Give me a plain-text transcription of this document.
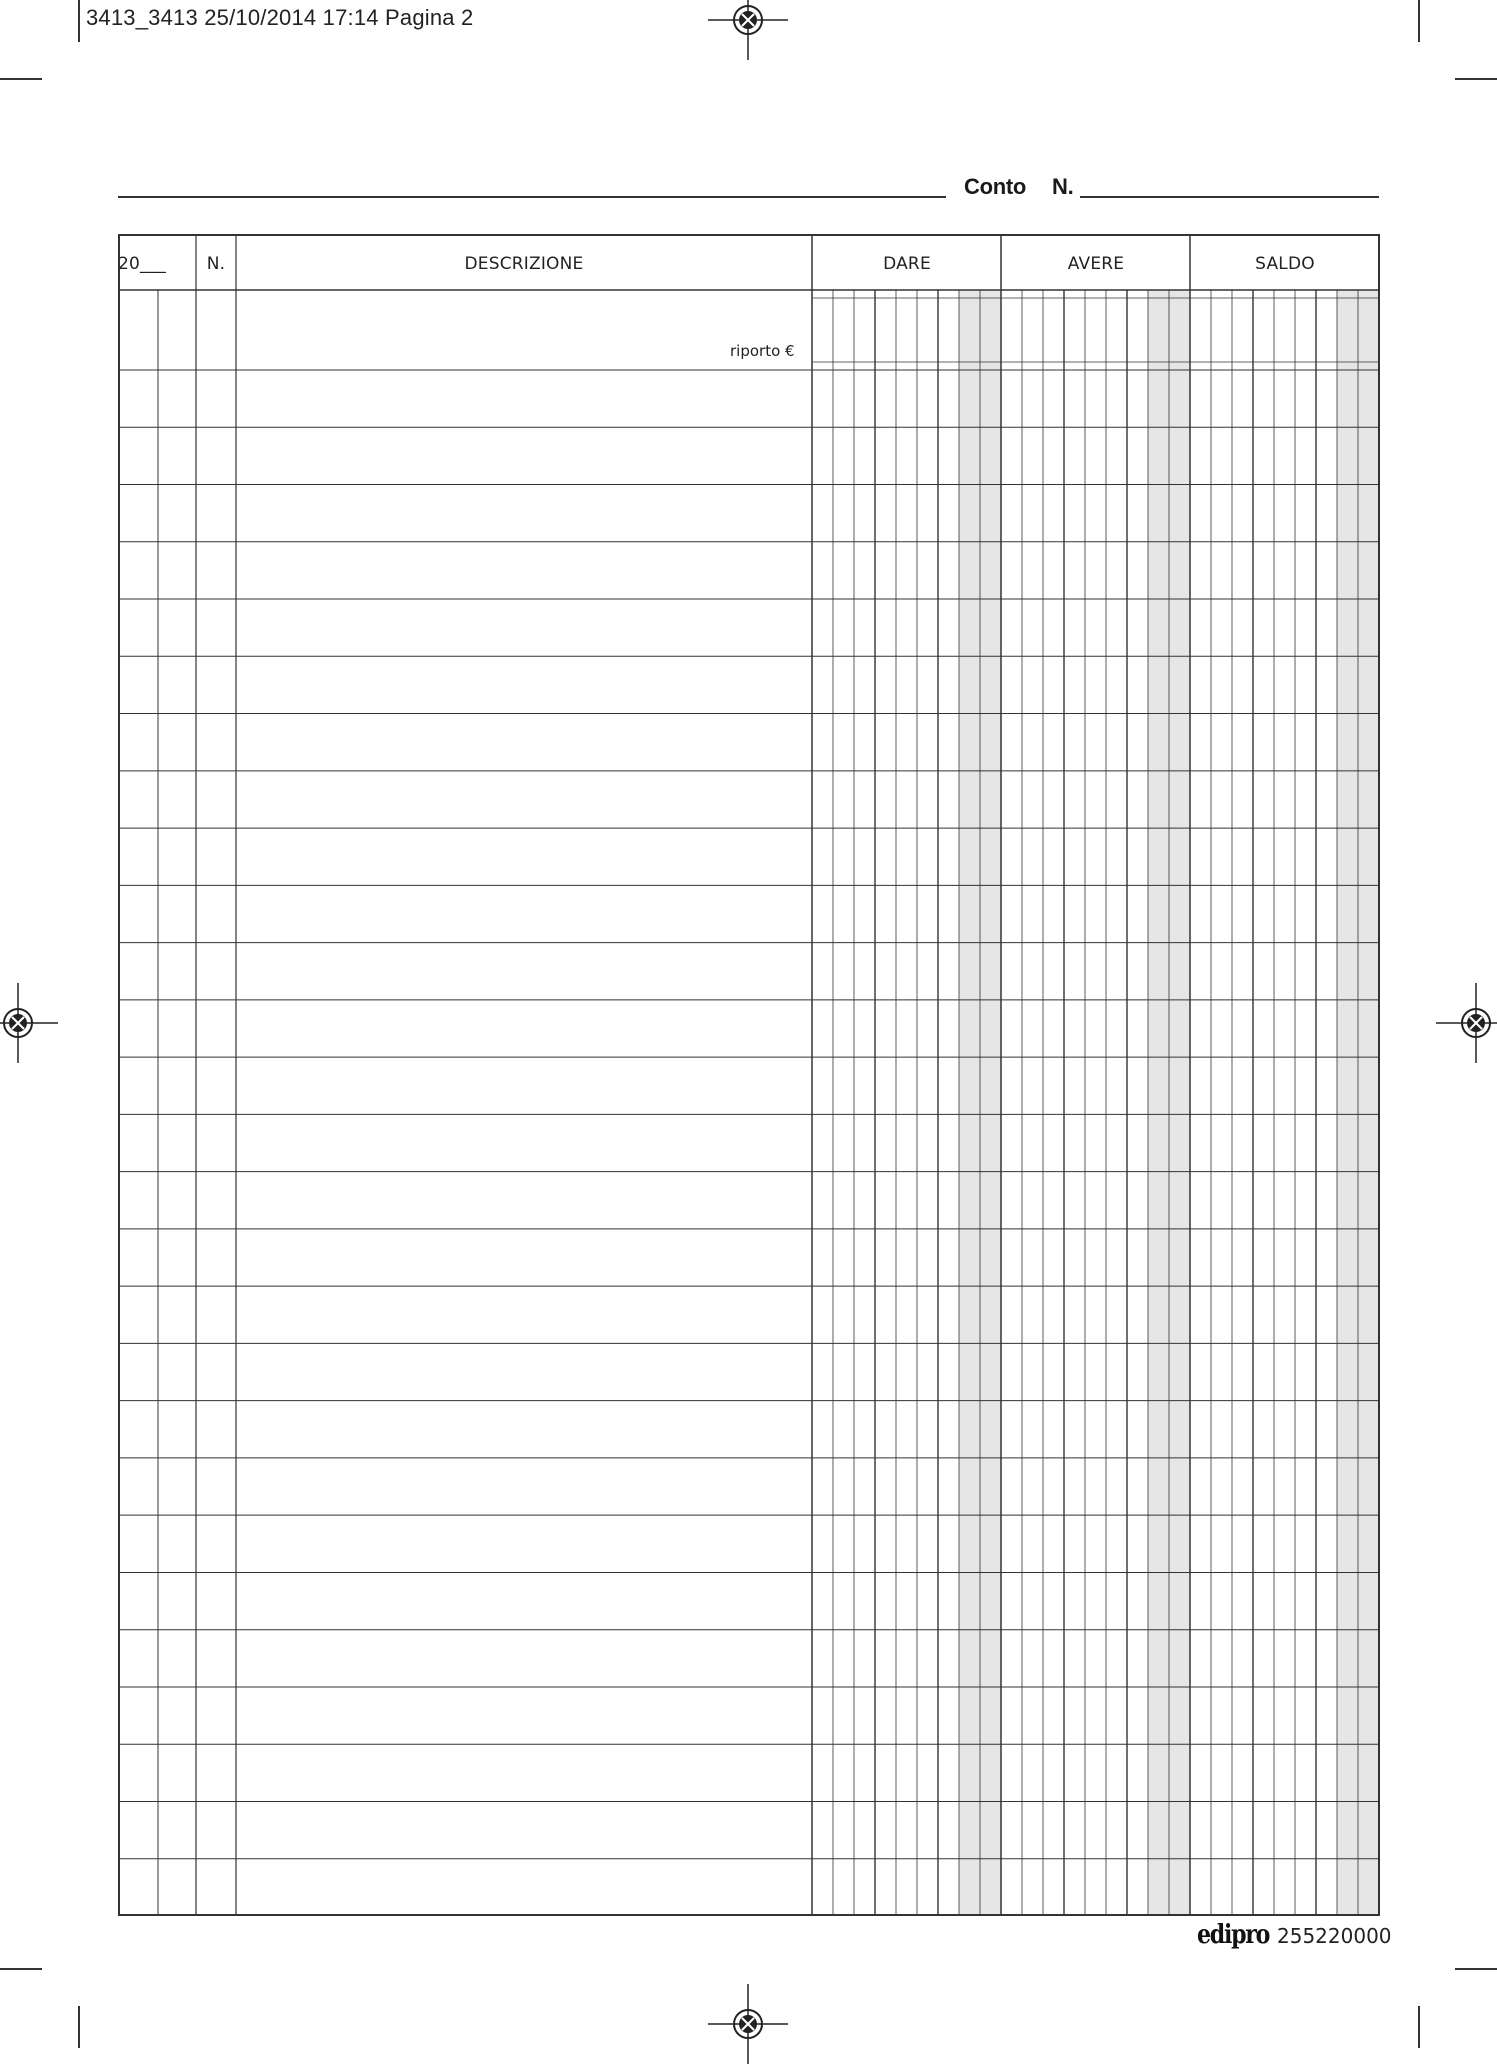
3413_3413 25/10/2014 17:14 Pagina 2
Conto N.
20___	N.	DESCRIZIONE	DARE	AVERE	SALDO
riporto €
edipro 255220000
